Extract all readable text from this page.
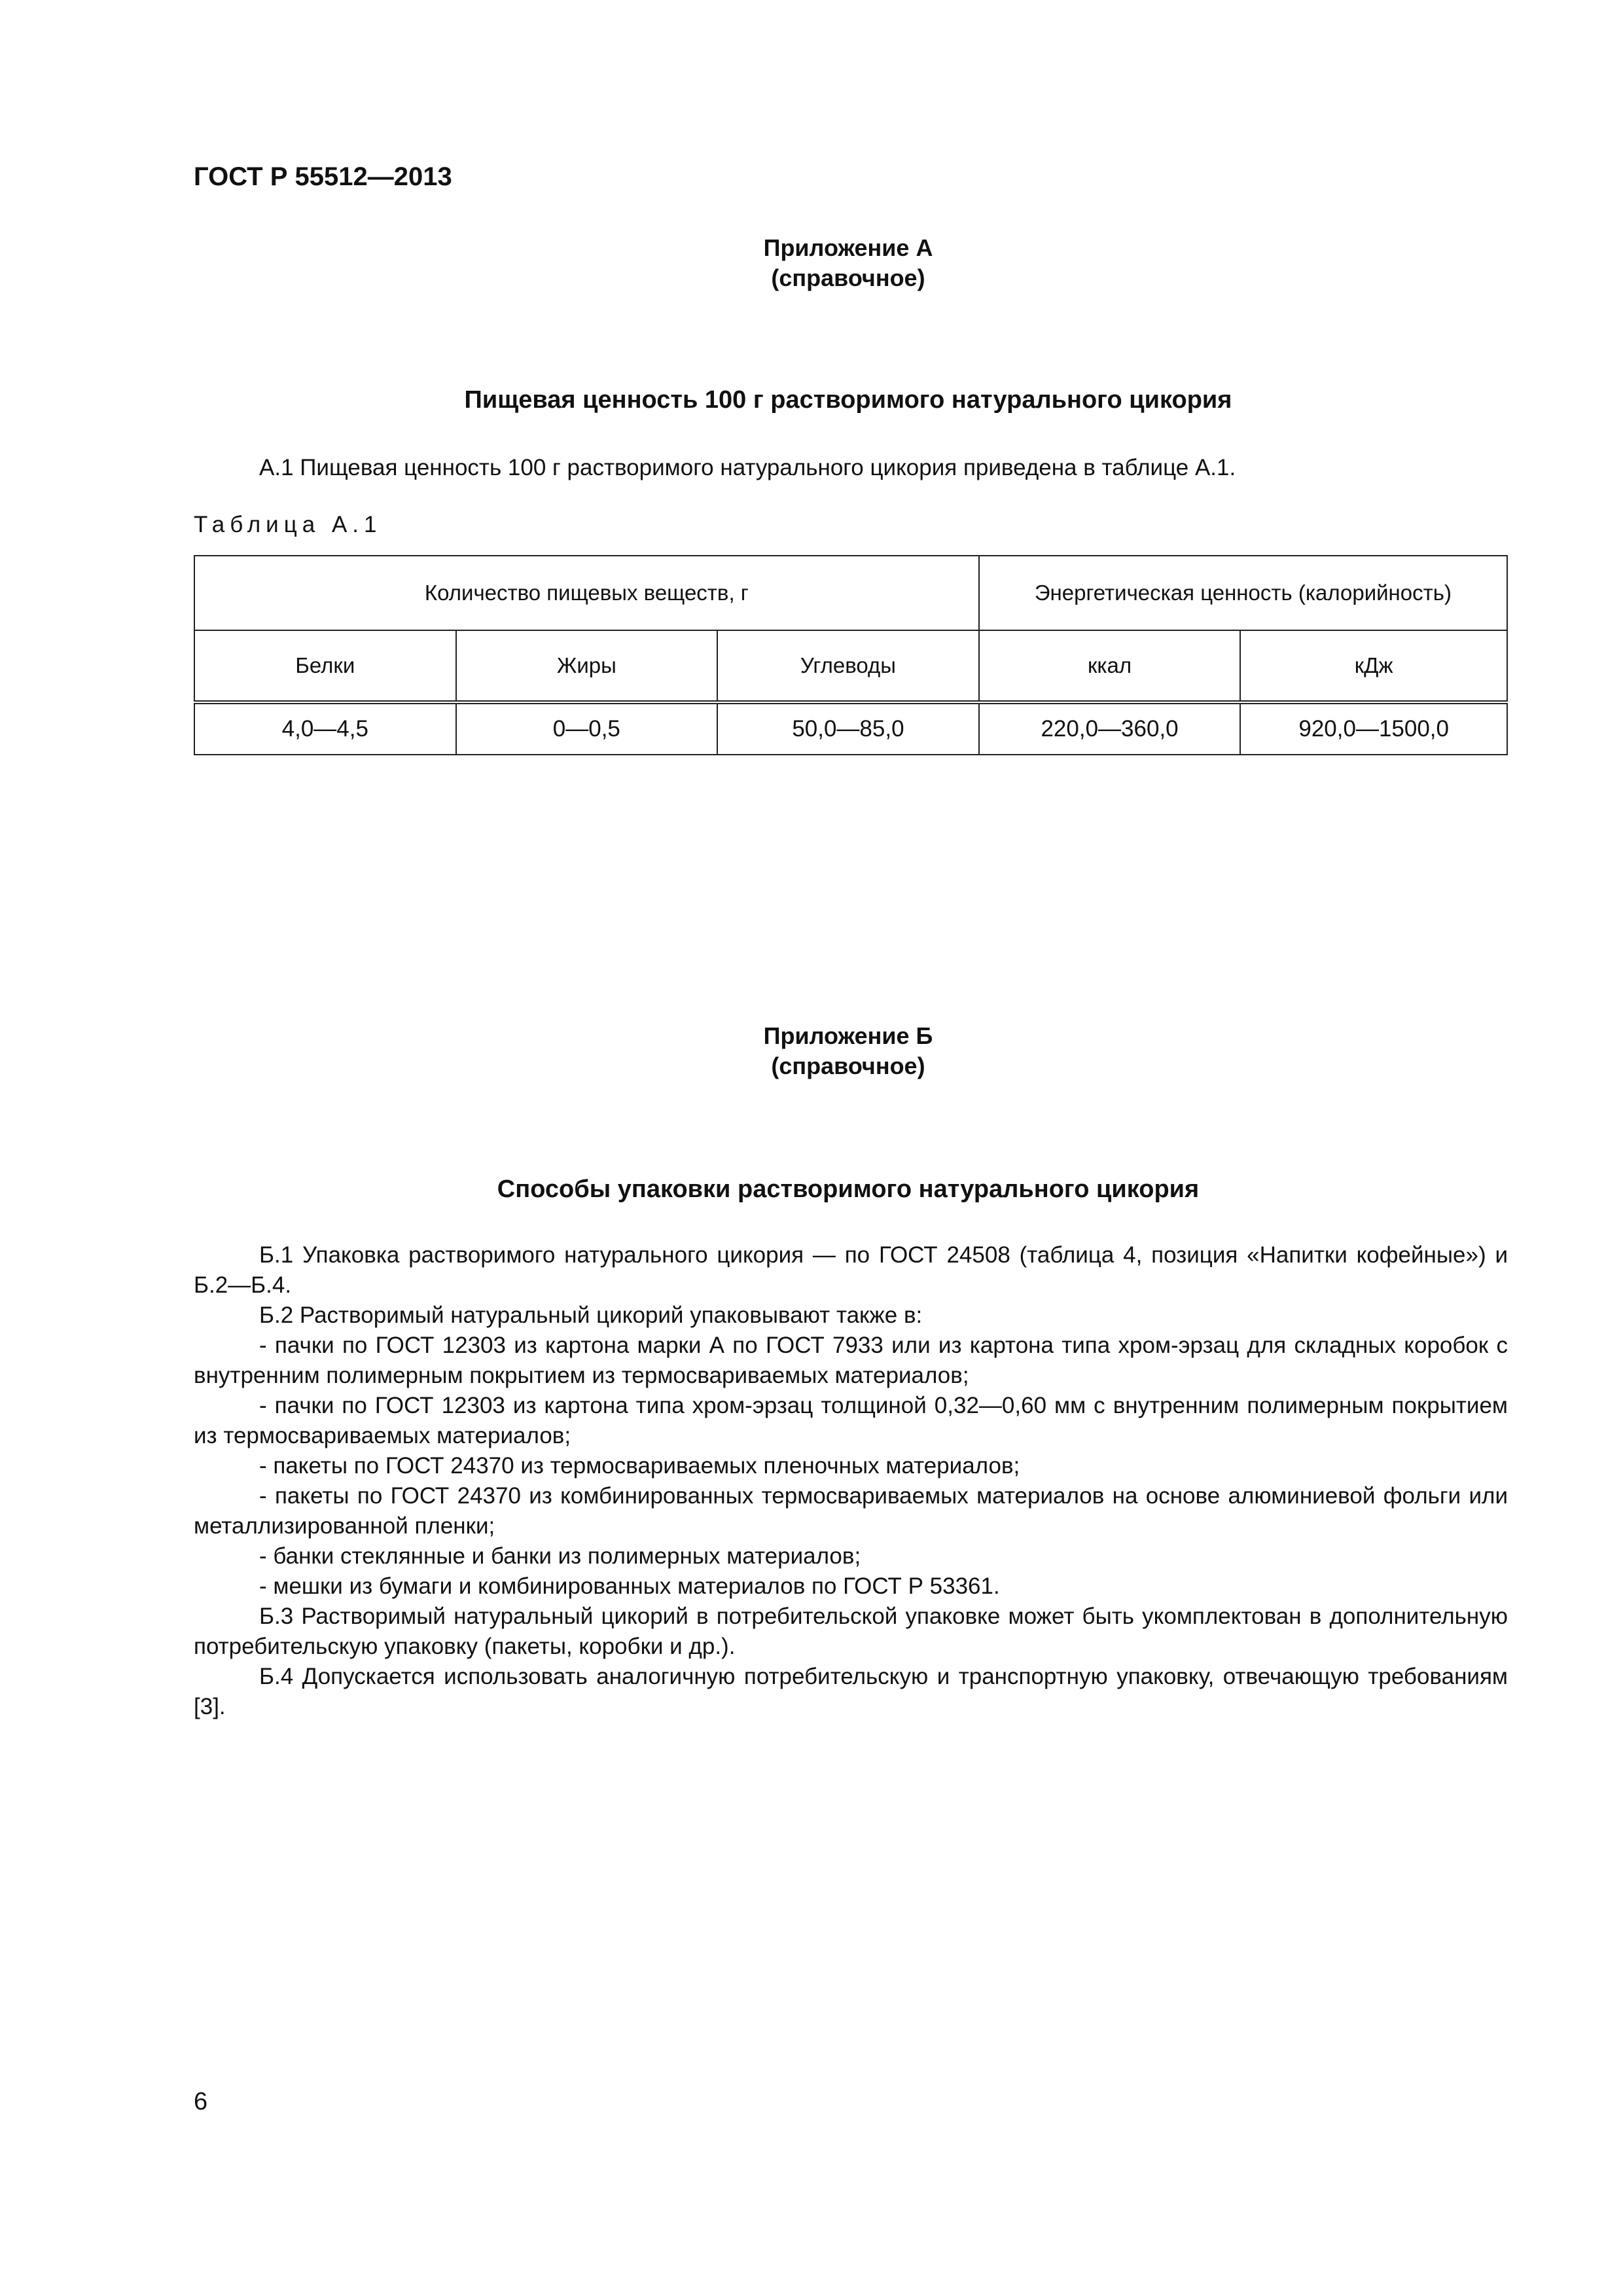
ГОСТ Р 55512—2013
Приложение А
(справочное)
Пищевая ценность 100 г растворимого натурального цикория
А.1 Пищевая ценность 100 г растворимого натурального цикория приведена в таблице А.1.
Таблица А.1
Количество пищевых веществ, г			Энергетическая ценность (калорийность)	
Белки	Жиры	Углеводы	ккал	кДж
4,0—4,5	0—0,5	50,0—85,0	220,0—360,0	920,0—1500,0
Приложение Б
(справочное)
Способы упаковки растворимого натурального цикория
Б.1 Упаковка растворимого натурального цикория — по ГОСТ 24508 (таблица 4, позиция «Напитки кофейные») и Б.2—Б.4.
Б.2 Растворимый натуральный цикорий упаковывают также в:
- пачки по ГОСТ 12303 из картона марки А по ГОСТ 7933 или из картона типа хром-эрзац для складных коробок с внутренним полимерным покрытием из термосвариваемых материалов;
- пачки по ГОСТ 12303 из картона типа хром-эрзац толщиной 0,32—0,60 мм с внутренним полимерным покрытием из термосвариваемых материалов;
- пакеты по ГОСТ 24370 из термосвариваемых пленочных материалов;
- пакеты по ГОСТ 24370 из комбинированных термосвариваемых материалов на основе алюминиевой фольги или металлизированной пленки;
- банки стеклянные и банки из полимерных материалов;
- мешки из бумаги и комбинированных материалов по ГОСТ Р 53361.
Б.3 Растворимый натуральный цикорий в потребительской упаковке может быть укомплектован в дополнительную потребительскую упаковку (пакеты, коробки и др.).
Б.4 Допускается использовать аналогичную потребительскую и транспортную упаковку, отвечающую требованиям [3].
6
